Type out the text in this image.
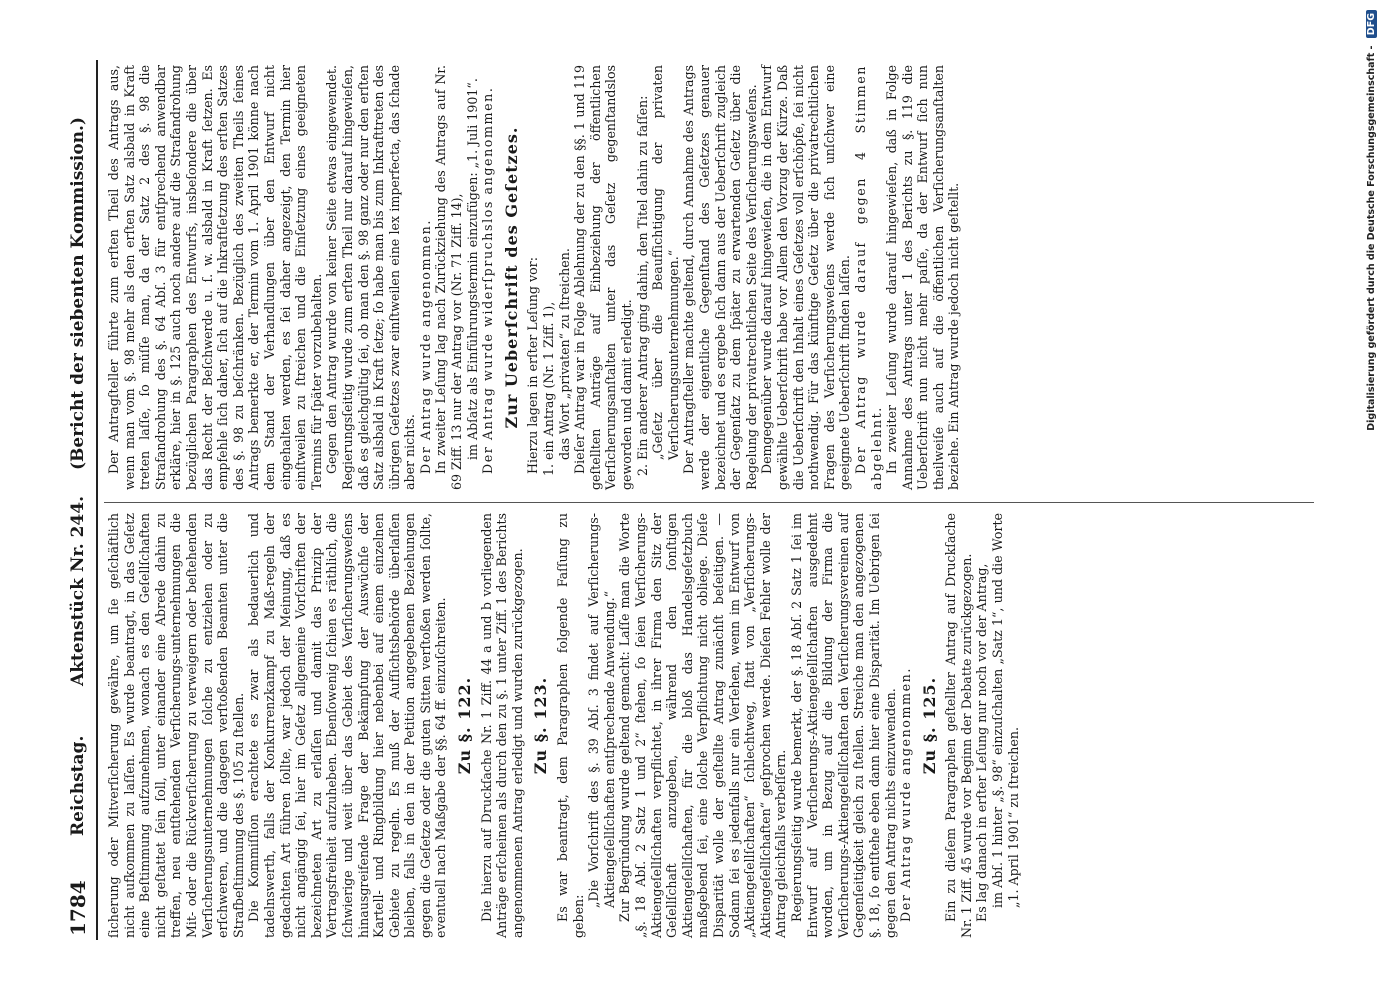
1784
Reichstag.
Aktenstück Nr. 244.
(Bericht der siebenten Kommission.)

ſicherung oder Mitverſicherung gewähre, um ſie geſchäftlich nicht aufkommen zu laſſen. Es wurde beantragt, in das Geſetz eine Beſtimmung aufzunehmen, wonach es den Geſellſchaften nicht geſtattet ſein ſoll, unter einander eine Abrede dahin zu treffen, neu entſtehenden Verſicherungs-unternehmungen die Mit- oder die Rückverſicherung zu verweigern oder beſtehenden Verſicherungsunternehmungen ſolche zu entziehen oder zu erſchweren, und die dagegen verſtoßenden Beamten unter die Strafbeſtimmung des §. 105 zu ſtellen. Die Kommiſſion erachtete es zwar als bedauerlich und tadelnswerth, falls der Konkurrenzkampf zu Maß-regeln der gedachten Art führen ſollte, war jedoch der Meinung, daß es nicht angängig ſei, hier im Geſetz allgemeine Vorſchriften der bezeichneten Art zu erlaſſen und damit das Prinzip der Vertragsfreiheit aufzuheben. Ebenſowenig ſchien es räthlich, die ſchwierige und weit über das Gebiet des Verſicherungsweſens hinausgreifende Frage der Bekämpfung der Auswüchſe der Kartell- und Ringbildung hier nebenbei auf einem einzelnen Gebiete zu regeln. Es muß der Aufſichtsbehörde überlaſſen bleiben, falls in den in der Petition angegebenen Beziehungen gegen die Geſetze oder die guten Sitten verſtoßen werden ſollte, eventuell nach Maßgabe der §§. 64 ff. einzuſchreiten. Zu §. 122. Die hierzu auf Druckſache Nr. 1 Ziff. 44 a und b vorliegenden Anträge erſcheinen als durch den zu §. 1 unter Ziff. 1 des Berichts angenommenen Antrag erledigt und wurden zurückgezogen. Zu §. 123. Es war beantragt, dem Paragraphen folgende Faſſung zu geben:

„Die Vorſchrift des §. 39 Abſ. 3 findet auf Verſicherungs-Aktiengeſellſchaften entſprechende Anwendung.“ Zur Begründung wurde geltend gemacht: Laſſe man die Worte „§. 18 Abſ. 2 Satz 1 und 2“ ſtehen, ſo ſeien Verſicherungs-Aktiengeſellſchaften verpflichtet, in ihrer Firma den Sitz der Geſellſchaft anzugeben, während den ſonſtigen Aktiengeſellſchaften, für die bloß das Handelsgeſetzbuch maßgebend ſei, eine ſolche Verpflichtung nicht obliege. Dieſe Disparität wolle der geſtellte Antrag zunächſt beſeitigen. — Sodann ſei es jedenfalls nur ein Verſehen, wenn im Entwurf von „Aktiengeſellſchaften“ ſchlechtweg, ſtatt von „Verſicherungs-Aktiengeſellſchaften“ geſprochen werde. Dieſen Fehler wolle der Antrag gleichfalls verbeſſern. Regierungsſeitig wurde bemerkt, der §. 18 Abſ. 2 Satz 1 ſei im Entwurf auf Verſicherungs-Aktiengeſellſchaften ausgedehnt worden, um in Bezug auf die Bildung der Firma die Verſicherungs-Aktiengeſellſchaften den Verſicherungsvereinen auf Gegenſeitigkeit gleich zu ſtellen. Streiche man den angezogenen §. 18, ſo entſtehe eben dann hier eine Disparität. Im Uebrigen ſei gegen den Antrag nichts einzuwenden. Der Antrag wurde angenommen. Zu §. 125. Ein zu dieſem Paragraphen geſtellter Antrag auf Druckſache Nr. 1 Ziff. 45 wurde vor Beginn der Debatte zurückgezogen. Es lag danach in erſter Leſung nur noch vor der Antrag, im Abſ. 1 hinter „§. 98“ einzuſchalten „Satz 1“, und die Worte „1. April 1901“ zu ſtreichen.

Der Antragſteller führte zum erſten Theil des Antrags aus, wenn man vom §. 98 mehr als den erſten Satz alsbald in Kraft treten laſſe, ſo müſſe man, da der Satz 2 des §. 98 die Strafandrohung des §. 64 Abſ. 3 für entſprechend anwendbar erkläre, hier in §. 125 auch noch andere auf die Strafandrohung bezüglichen Paragraphen des Entwurfs, insbeſondere die über das Recht der Beſchwerde u. ſ. w. alsbald in Kraft ſetzen. Es empfehle ſich daher, ſich auf die Inkraftſetzung des erſten Satzes des §. 98 zu beſchränken. Bezüglich des zweiten Theils ſeines Antrags bemerkte er, der Termin vom 1. April 1901 könne nach dem Stand der Verhandlungen über den Entwurf nicht eingehalten werden, es ſei daher angezeigt, den Termin hier einſtweilen zu ſtreichen und die Einſetzung eines geeigneten Termins für ſpäter vorzubehalten. Gegen den Antrag wurde von keiner Seite etwas eingewendet. Regierungsſeitig wurde zum erſten Theil nur darauf hingewieſen, daß es gleichgültig ſei, ob man den §. 98 ganz oder nur den erſten Satz alsbald in Kraft ſetze; ſo habe man bis zum Inkrafttreten des übrigen Geſetzes zwar einſtweilen eine lex imperfecta, das ſchade aber nichts. Der Antrag wurde angenommen. In zweiter Leſung lag nach Zurückziehung des Antrags auf Nr. 69 Ziff. 13 nur der Antrag vor (Nr. 71 Ziff. 14), im Abſatz als Einführungstermin einzufügen: „1. Juli 1901“. Der Antrag wurde widerſpruchslos angenommen. Zur Ueberſchrift des Geſetzes. Hierzu lagen in erſter Leſung vor: 1. ein Antrag (Nr. 1 Ziff. 1), das Wort „privaten“ zu ſtreichen. Dieſer Antrag war in Folge Ablehnung der zu den §§. 1 und 119 geſtellten Anträge auf Einbeziehung der öffentlichen Verſicherungsanſtalten unter das Geſetz gegenſtandslos geworden und damit erledigt. 2. Ein anderer Antrag ging dahin, den Titel dahin zu faſſen: „Geſetz über die Beaufſichtigung der privaten Verſicherungsunternehmungen.“ Der Antragſteller machte geltend, durch Annahme des Antrags werde der eigentliche Gegenſtand des Geſetzes genauer bezeichnet und es ergebe ſich dann aus der Ueberſchrift zugleich der Gegenſatz zu dem ſpäter zu erwartenden Geſetz über die Regelung der privatrechtlichen Seite des Verſicherungsweſens. Demgegenüber wurde darauf hingewieſen, die in dem Entwurf gewählte Ueberſchrift habe vor Allem den Vorzug der Kürze. Daß die Ueberſchrift den Inhalt eines Geſetzes voll erſchöpfe, ſei nicht nothwendig. Für das künftige Geſetz über die privatrechtlichen Fragen des Verſicherungsweſens werde ſich unſchwer eine geeignete Ueberſchrift finden laſſen. Der Antrag wurde darauf gegen 4 Stimmen abgelehnt. In zweiter Leſung wurde darauf hingewieſen, daß in Folge Annahme des Antrags unter 1 des Berichts zu §. 119 die Ueberſchrift nun nicht mehr paſſe, da der Entwurf ſich nun theilweiſe auch auf die öffentlichen Verſicherungsanſtalten beziehe. Ein Antrag wurde jedoch nicht geſtellt.	Digitalisierung gefördert durch die Deutsche Forschungsgemeinschaft - DFG
